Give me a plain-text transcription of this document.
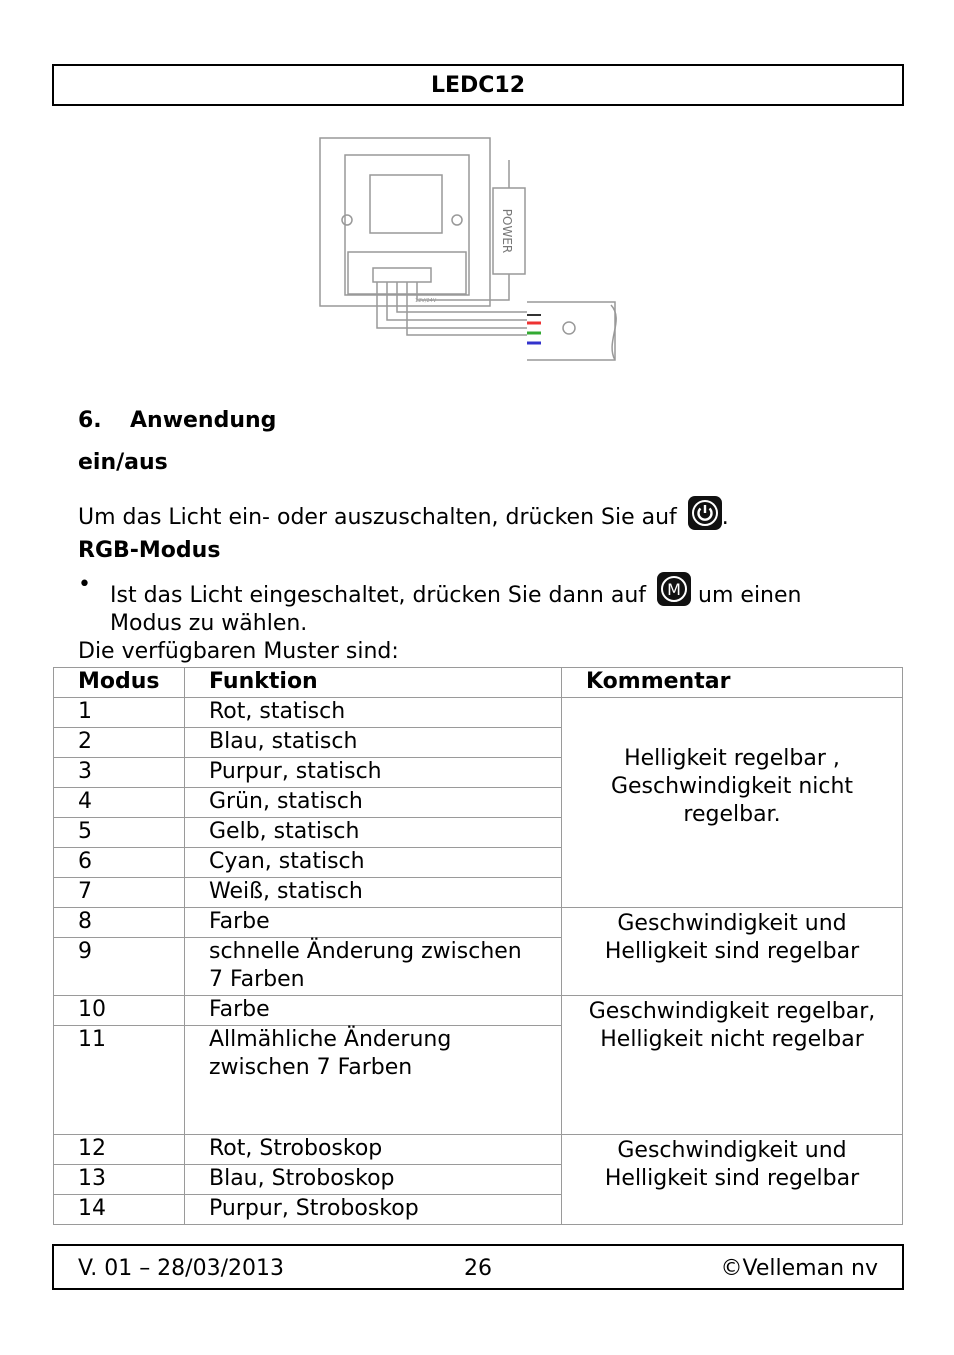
LEDC12
POWER
12V/24V
6. Anwendung
ein/aus
Um das Licht ein- oder auszuschalten, drücken Sie auf .
RGB-Modus
• Ist das Licht eingeschaltet, drücken Sie dann auf M um einen
Modus zu wählen.
Die verfügbaren Muster sind:
Modus	Funktion	Kommentar
1	Rot, statisch	Helligkeit regelbar , Geschwindigkeit nicht regelbar.

2	Blau, statisch	
3	Purpur, statisch	
4	Grün, statisch	
5	Gelb, statisch	
6	Cyan, statisch	
7	Weiß, statisch	
8	Farbe	Geschwindigkeit und Helligkeit sind regelbar
9	schnelle Änderung zwischen 7 Farben	
10	Farbe	Geschwindigkeit regelbar, Helligkeit nicht regelbar
11	Allmähliche Änderung zwischen 7 Farben	
12	Rot, Stroboskop	Geschwindigkeit und Helligkeit sind regelbar
13	Blau, Stroboskop	
14	Purpur, Stroboskop	
V. 01 – 28/03/2013	26	©Velleman nv
